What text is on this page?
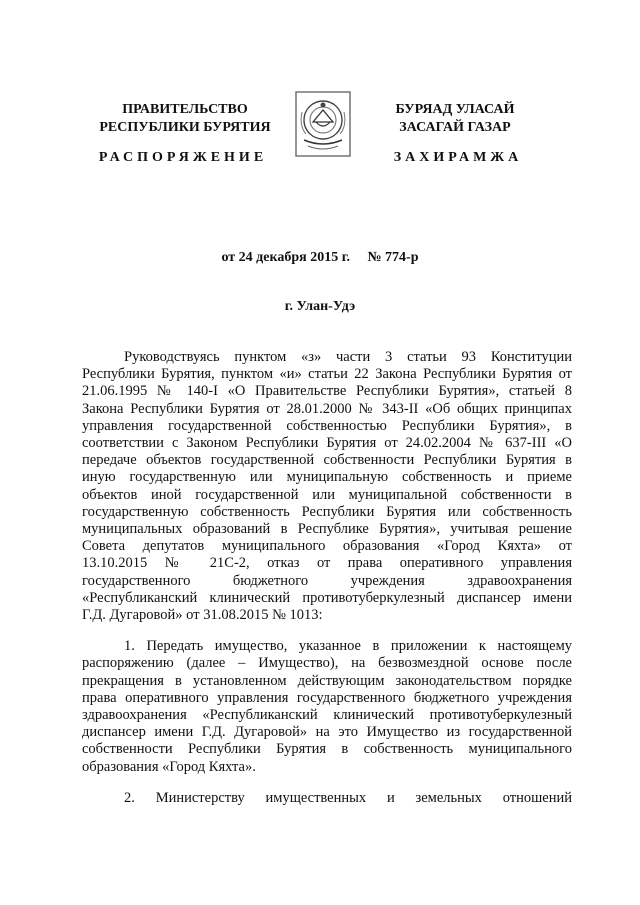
ПРАВИТЕЛЬСТВО
РЕСПУБЛИКИ БУРЯТИЯ
РАСПОРЯЖЕНИЕ
БУРЯАД УЛАСАЙ
ЗАСАГАЙ ГАЗАР
ЗАХИРАМЖА
от 24 декабря 2015 г. № 774-р
г. Улан-Удэ
Руководствуясь пунктом «з» части 3 статьи 93 Конституции
Республики Бурятия, пунктом «и» статьи 22 Закона Республики Бурятия от
21.06.1995 № 140-I «О Правительстве Республики Бурятия», статьей 8
Закона Республики Бурятия от 28.01.2000 № 343-II «Об общих принципах
управления государственной собственностью Республики Бурятия», в
соответствии с Законом Республики Бурятия от 24.02.2004 № 637-III «О
передаче объектов государственной собственности Республики Бурятия в
иную государственную или муниципальную собственность и приеме
объектов иной государственной или муниципальной собственности в
государственную собственность Республики Бурятия или собственность
муниципальных образований в Республике Бурятия», учитывая решение
Совета депутатов муниципального образования «Город Кяхта» от
13.10.2015 № 21С-2, отказ от права оперативного управления
государственного бюджетного учреждения здравоохранения
«Республиканский клинический противотуберкулезный диспансер имени
Г.Д. Дугаровой» от 31.08.2015 № 1013:
1. Передать имущество, указанное в приложении к настоящему
распоряжению (далее – Имущество), на безвозмездной основе после
прекращения в установленном действующим законодательством порядке
права оперативного управления государственного бюджетного учреждения
здравоохранения «Республиканский клинический противотуберкулезный
диспансер имени Г.Д. Дугаровой» на это Имущество из государственной
собственности Республики Бурятия в собственность муниципального
образования «Город Кяхта».
2. Министерству имущественных и земельных отношений
